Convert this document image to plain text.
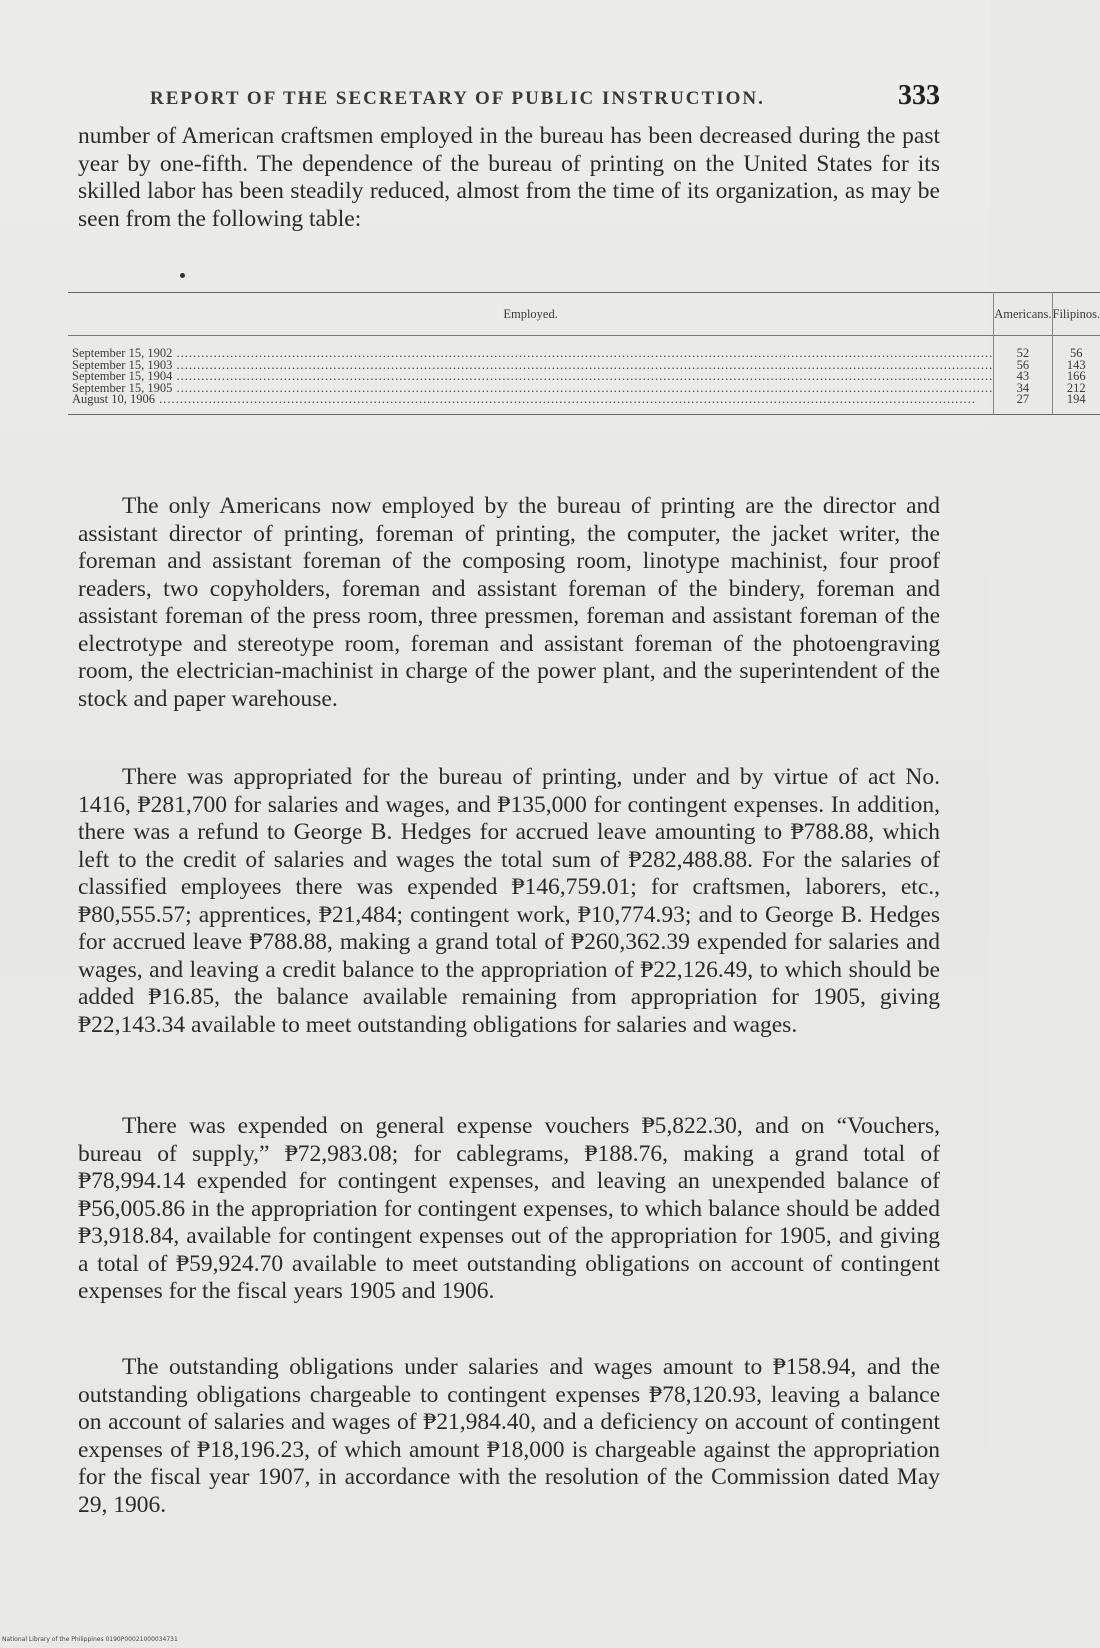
REPORT OF THE SECRETARY OF PUBLIC INSTRUCTION.	333
number of American craftsmen employed in the bureau has been decreased during the past year by one-fifth. The dependence of the bureau of printing on the United States for its skilled labor has been steadily reduced, almost from the time of its organization, as may be seen from the following table:
Employed.	Americans.	Filipinos.
September 15, 1902 .....	52	56
September 15, 1903 .....	56	143
September 15, 1904 .....	43	166
September 15, 1905 .....	34	212
August 10, 1906 .....	27	194
The only Americans now employed by the bureau of printing are the director and assistant director of printing, foreman of printing, the computer, the jacket writer, the foreman and assistant foreman of the composing room, linotype machinist, four proof readers, two copyholders, foreman and assistant foreman of the bindery, foreman and assistant foreman of the press room, three pressmen, foreman and assistant foreman of the electrotype and stereotype room, foreman and assistant foreman of the photoengraving room, the electrician-machinist in charge of the power plant, and the superintendent of the stock and paper warehouse.
There was appropriated for the bureau of printing, under and by virtue of act No. 1416, ₱281,700 for salaries and wages, and ₱135,000 for contingent expenses. In addition, there was a refund to George B. Hedges for accrued leave amounting to ₱788.88, which left to the credit of salaries and wages the total sum of ₱282,488.88. For the salaries of classified employees there was expended ₱146,759.01; for craftsmen, laborers, etc., ₱80,555.57; apprentices, ₱21,484; contingent work, ₱10,774.93; and to George B. Hedges for accrued leave ₱788.88, making a grand total of ₱260,362.39 expended for salaries and wages, and leaving a credit balance to the appropriation of ₱22,126.49, to which should be added ₱16.85, the balance available remaining from appropriation for 1905, giving ₱22,143.34 available to meet outstanding obligations for salaries and wages.
There was expended on general expense vouchers ₱5,822.30, and on “Vouchers, bureau of supply,” ₱72,983.08; for cablegrams, ₱188.76, making a grand total of ₱78,994.14 expended for contingent expenses, and leaving an unexpended balance of ₱56,005.86 in the appropriation for contingent expenses, to which balance should be added ₱3,918.84, available for contingent expenses out of the appropriation for 1905, and giving a total of ₱59,924.70 available to meet outstanding obligations on account of contingent expenses for the fiscal years 1905 and 1906.
The outstanding obligations under salaries and wages amount to ₱158.94, and the outstanding obligations chargeable to contingent expenses ₱78,120.93, leaving a balance on account of salaries and wages of ₱21,984.40, and a deficiency on account of contingent expenses of ₱18,196.23, of which amount ₱18,000 is chargeable against the appropriation for the fiscal year 1907, in accordance with the resolution of the Commission dated May 29, 1906.
National Library of the Philippines 0190P00021000034731
